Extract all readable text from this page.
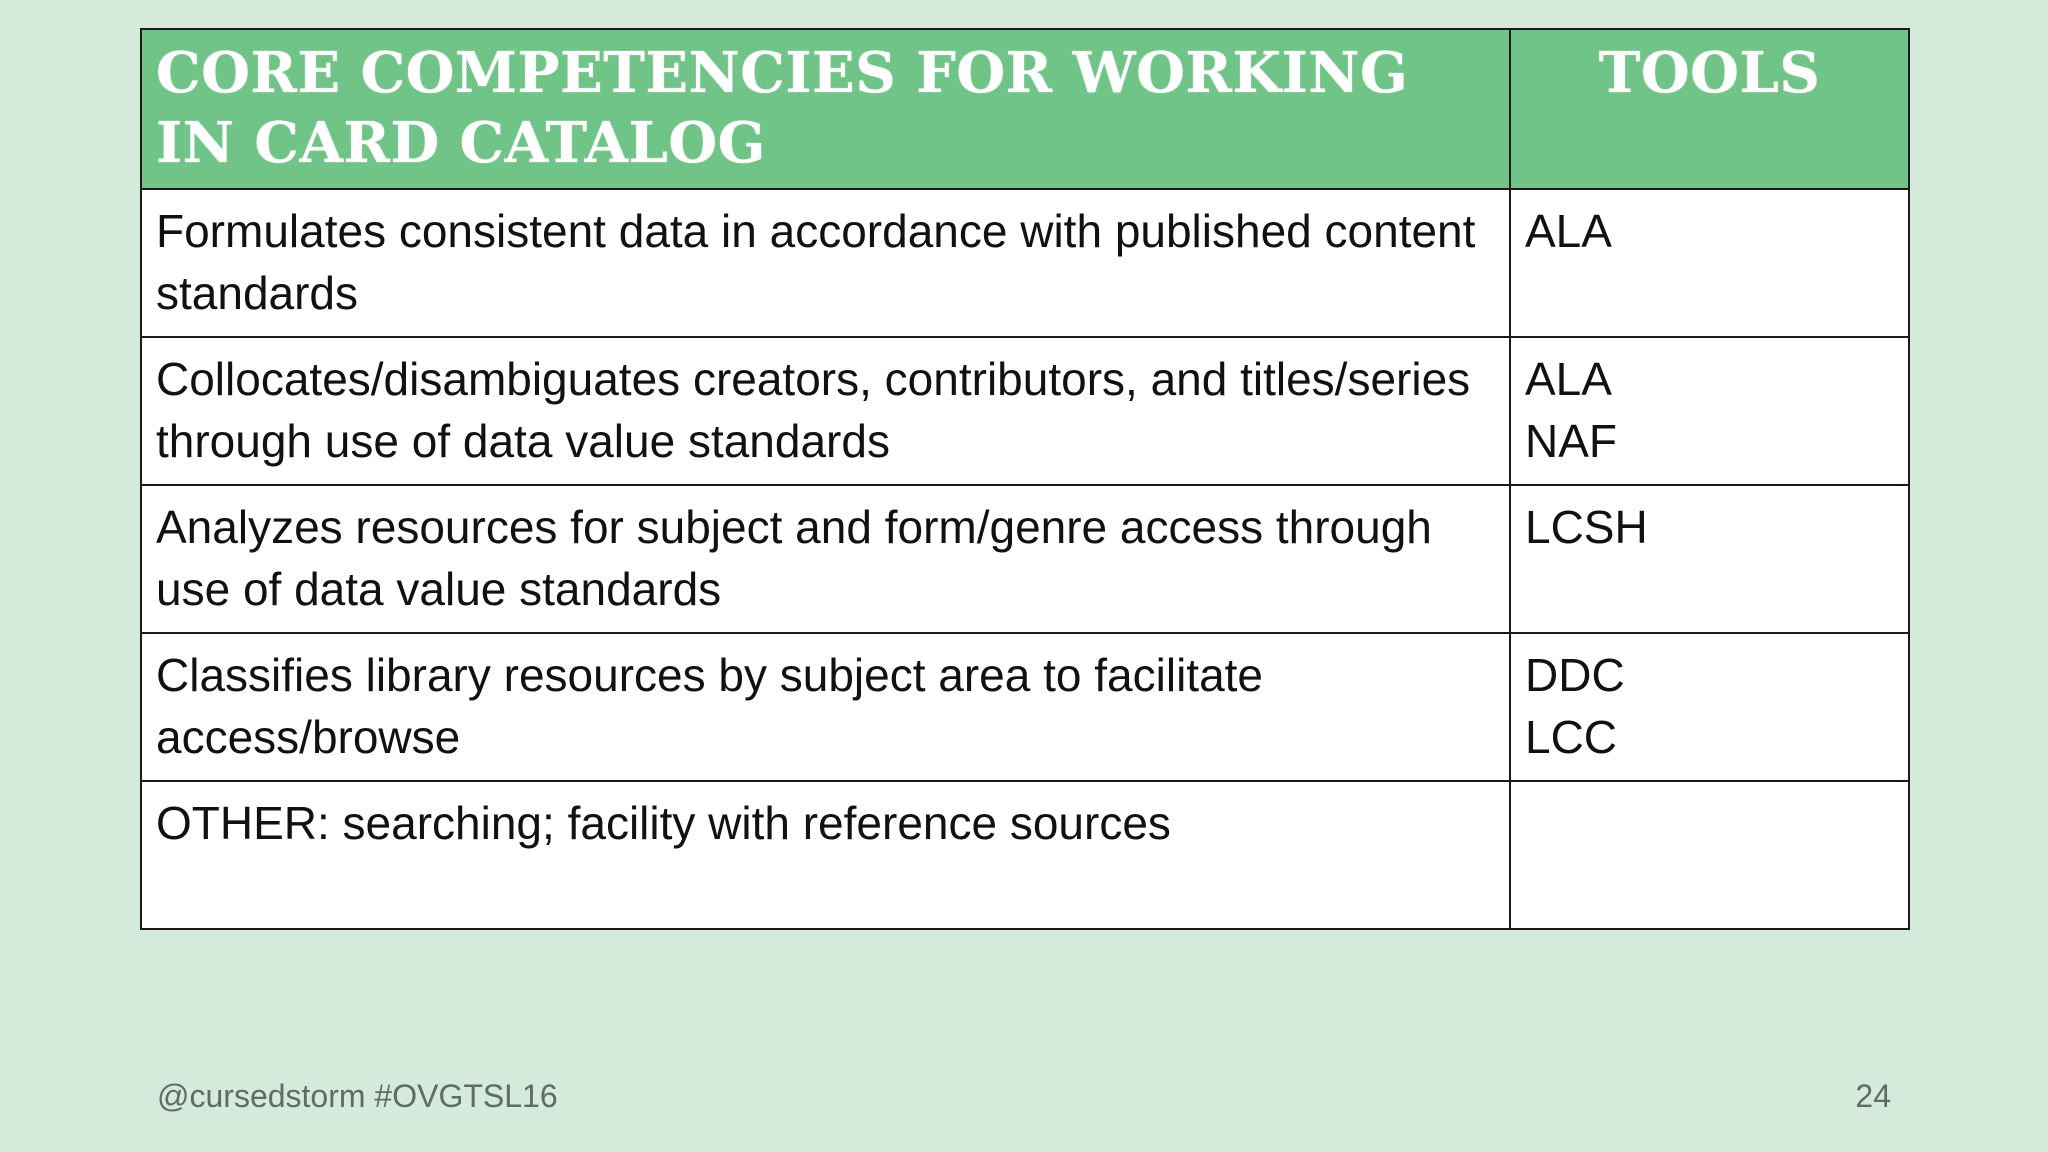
CORE COMPETENCIES FOR WORKING IN CARD CATALOG	TOOLS
Formulates consistent data in accordance with published content standards	ALA

Collocates/disambiguates creators, contributors, and titles/series through use of data value standards	ALA
NAF

Analyzes resources for subject and form/genre access through use of data value standards	LCSH

Classifies library resources by subject area to facilitate access/browse	DDC
LCC

OTHER: searching; facility with reference sources	
@cursedstorm #OVGTSL16	24
